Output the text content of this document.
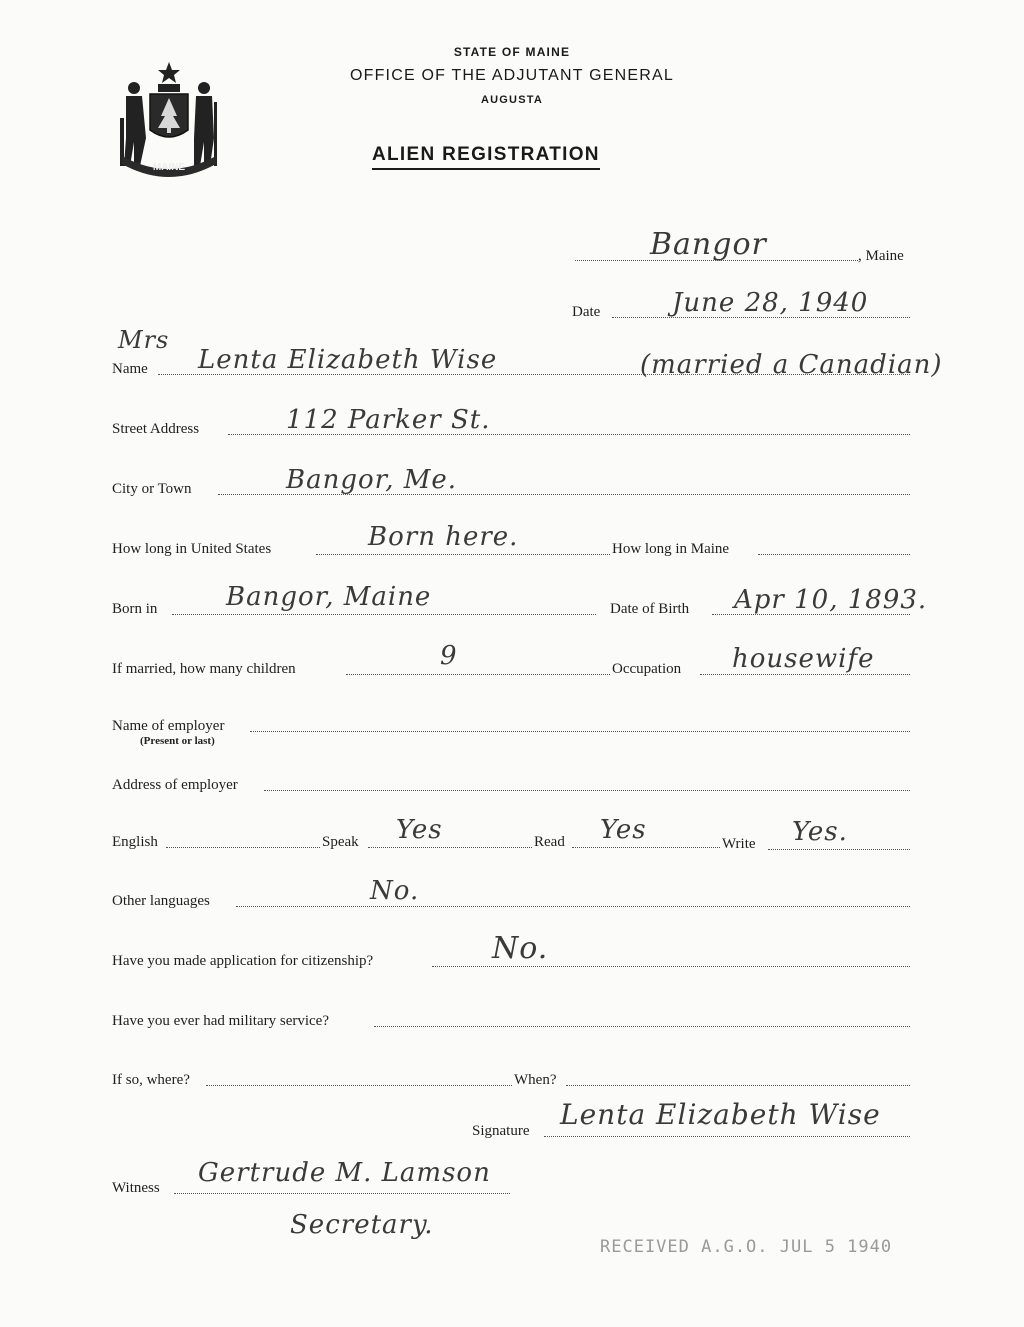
MAINE
STATE OF MAINE
OFFICE OF THE ADJUTANT GENERAL
AUGUSTA
ALIEN REGISTRATION
, Maine
Bangor
Date	June 28, 1940
Mrs
Name Lenta Elizabeth Wise	(married a Canadian)
Street Address	112 Parker St.
City or Town	Bangor, Me.
How long in United States	Born here.	How long in Maine
Born in	Bangor, Maine	Date of Birth Apr 10, 1893.
If married, how many children	9	Occupation housewife
Name of employer
(Present or last)
Address of employer
English	Speak Yes	Read Yes	Write Yes.
Other languages	No.
Have you made application for citizenship?	No.
Have you ever had military service?
If so, where?	When?
Signature Lenta Elizabeth Wise
Witness Gertrude M. Lamson
Secretary.
RECEIVED A.G.O. JUL 5 1940
